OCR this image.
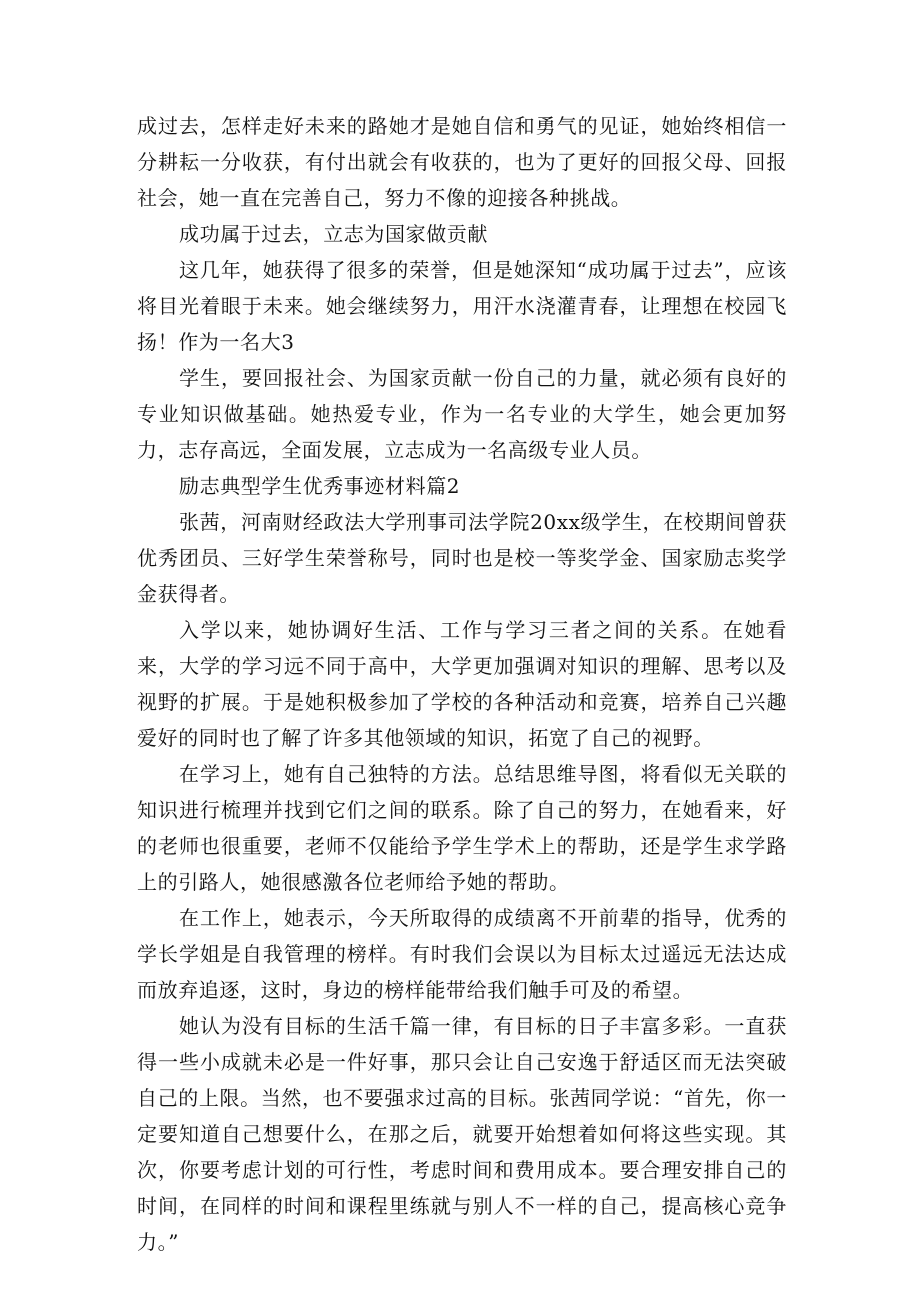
成过去，怎样走好未来的路她才是她自信和勇气的见证，她始终相信一分耕耘一分收获，有付出就会有收获的，也为了更好的回报父母、回报社会，她一直在完善自己，努力不像的迎接各种挑战。

成功属于过去，立志为国家做贡献

这几年，她获得了很多的荣誉，但是她深知“成功属于过去”，应该将目光着眼于未来。她会继续努力，用汗水浇灌青春，让理想在校园飞扬！作为一名大3

学生，要回报社会、为国家贡献一份自己的力量，就必须有良好的专业知识做基础。她热爱专业，作为一名专业的大学生，她会更加努力，志存高远，全面发展，立志成为一名高级专业人员。

励志典型学生优秀事迹材料篇2

张茜，河南财经政法大学刑事司法学院20xx级学生，在校期间曾获优秀团员、三好学生荣誉称号，同时也是校一等奖学金、国家励志奖学金获得者。

入学以来，她协调好生活、工作与学习三者之间的关系。在她看来，大学的学习远不同于高中，大学更加强调对知识的理解、思考以及视野的扩展。于是她积极参加了学校的各种活动和竞赛，培养自己兴趣爱好的同时也了解了许多其他领域的知识，拓宽了自己的视野。

在学习上，她有自己独特的方法。总结思维导图，将看似无关联的知识进行梳理并找到它们之间的联系。除了自己的努力，在她看来，好的老师也很重要，老师不仅能给予学生学术上的帮助，还是学生求学路上的引路人，她很感激各位老师给予她的帮助。

在工作上，她表示，今天所取得的成绩离不开前辈的指导，优秀的学长学姐是自我管理的榜样。有时我们会误以为目标太过遥远无法达成而放弃追逐，这时，身边的榜样能带给我们触手可及的希望。

她认为没有目标的生活千篇一律，有目标的日子丰富多彩。一直获得一些小成就未必是一件好事，那只会让自己安逸于舒适区而无法突破自己的上限。当然，也不要强求过高的目标。张茜同学说：“首先，你一定要知道自己想要什么，在那之后，就要开始想着如何将这些实现。其次，你要考虑计划的可行性，考虑时间和费用成本。要合理安排自己的时间，在同样的时间和课程里练就与别人不一样的自己，提高核心竞争力。”
